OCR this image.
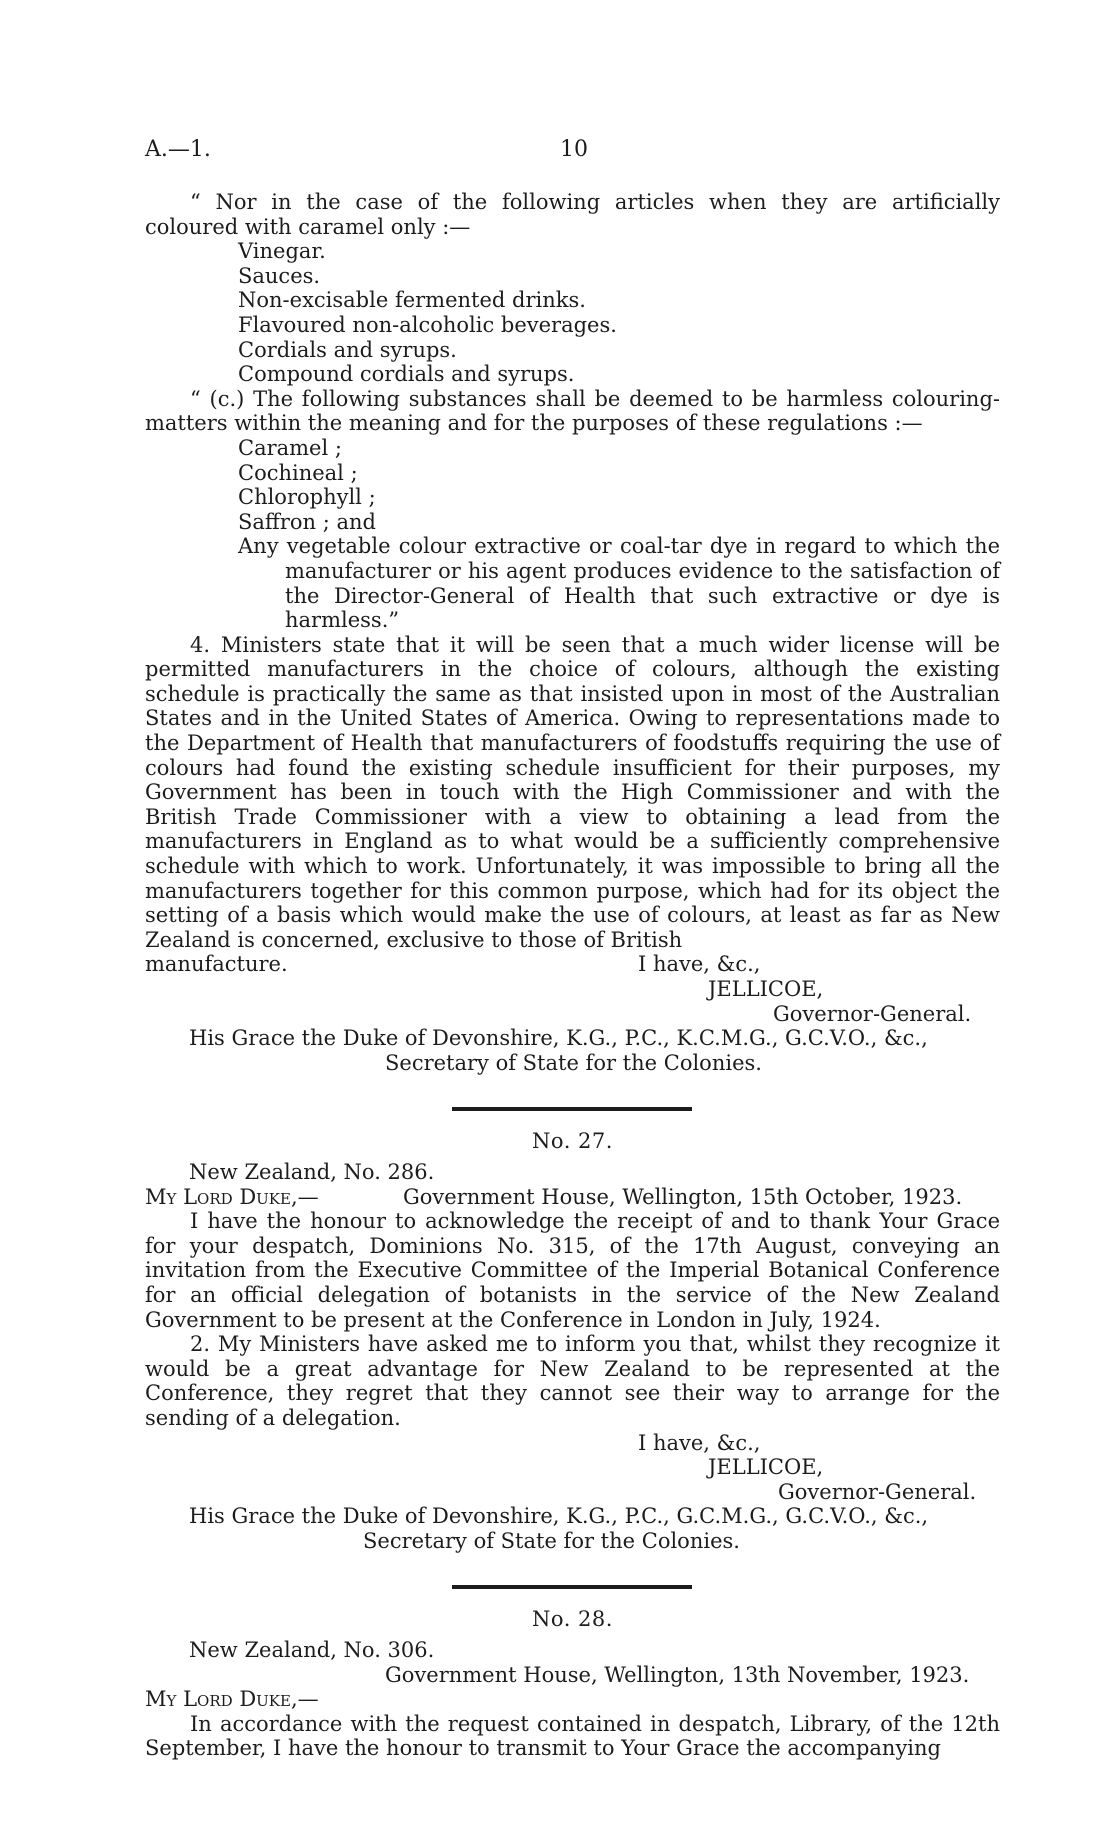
A.—1.	10

“ Nor in the case of the following articles when they are artificially coloured with caramel only :—

Vinegar.

Sauces.

Non-excisable fermented drinks.

Flavoured non-alcoholic beverages.

Cordials and syrups.

Compound cordials and syrups.

“ (c.) The following substances shall be deemed to be harmless colouring-matters within the meaning and for the purposes of these regulations :—

Caramel ;

Cochineal ;

Chlorophyll ;

Saffron ; and

Any vegetable colour extractive or coal-tar dye in regard to which the manufacturer or his agent produces evidence to the satisfaction of the Director-General of Health that such extractive or dye is harmless.”

4. Ministers state that it will be seen that a much wider license will be permitted manufacturers in the choice of colours, although the existing schedule is practically the same as that insisted upon in most of the Australian States and in the United States of America. Owing to representations made to the Department of Health that manufacturers of foodstuffs requiring the use of colours had found the existing schedule insufficient for their purposes, my Government has been in touch with the High Commissioner and with the British Trade Commissioner with a view to obtaining a lead from the manufacturers in England as to what would be a sufficiently comprehensive schedule with which to work. Unfortunately, it was impossible to bring all the manufacturers together for this common purpose, which had for its object the setting of a basis which would make the use of colours, at least as far as New Zealand is concerned, exclusive to those of British

manufacture.	I have, &c.,

JELLICOE,

Governor-General.

His Grace the Duke of Devonshire, K.G., P.C., K.C.M.G., G.C.V.O., &c.,

Secretary of State for the Colonies.

No. 27.

New Zealand, No. 286.

My Lord Duke,—	Government House, Wellington, 15th October, 1923.

I have the honour to acknowledge the receipt of and to thank Your Grace for your despatch, Dominions No. 315, of the 17th August, conveying an invitation from the Executive Committee of the Imperial Botanical Conference for an official delegation of botanists in the service of the New Zealand Government to be present at the Conference in London in July, 1924.

2. My Ministers have asked me to inform you that, whilst they recognize it would be a great advantage for New Zealand to be represented at the Conference, they regret that they cannot see their way to arrange for the sending of a delegation.

I have, &c.,

JELLICOE,

Governor-General.

His Grace the Duke of Devonshire, K.G., P.C., G.C.M.G., G.C.V.O., &c.,

Secretary of State for the Colonies.

No. 28.

New Zealand, No. 306.

Government House, Wellington, 13th November, 1923.

My Lord Duke,—

In accordance with the request contained in despatch, Library, of the 12th September, I have the honour to transmit to Your Grace the accompanying
